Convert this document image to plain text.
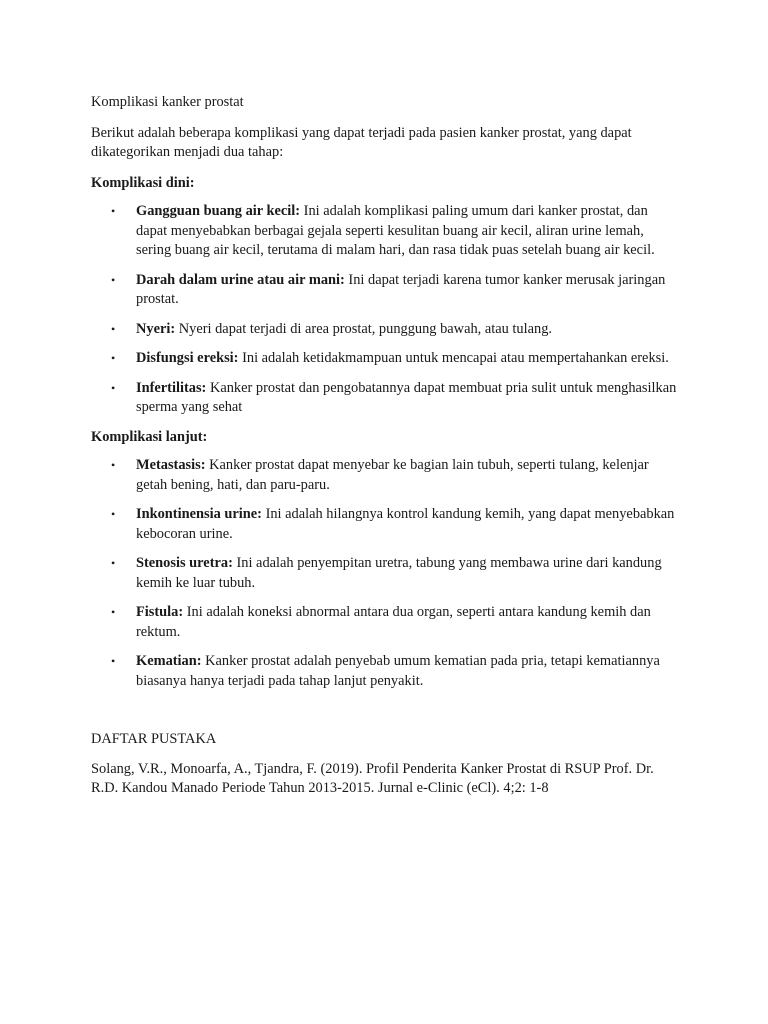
Komplikasi kanker prostat

Berikut adalah beberapa komplikasi yang dapat terjadi pada pasien kanker prostat, yang dapat dikategorikan menjadi dua tahap:

Komplikasi dini:

• Gangguan buang air kecil: Ini adalah komplikasi paling umum dari kanker prostat, dan dapat menyebabkan berbagai gejala seperti kesulitan buang air kecil, aliran urine lemah, sering buang air kecil, terutama di malam hari, dan rasa tidak puas setelah buang air kecil.
• Darah dalam urine atau air mani: Ini dapat terjadi karena tumor kanker merusak jaringan prostat.
• Nyeri: Nyeri dapat terjadi di area prostat, punggung bawah, atau tulang.
• Disfungsi ereksi: Ini adalah ketidakmampuan untuk mencapai atau mempertahankan ereksi.
• Infertilitas: Kanker prostat dan pengobatannya dapat membuat pria sulit untuk menghasilkan sperma yang sehat

Komplikasi lanjut:

• Metastasis: Kanker prostat dapat menyebar ke bagian lain tubuh, seperti tulang, kelenjar getah bening, hati, dan paru-paru.
• Inkontinensia urine: Ini adalah hilangnya kontrol kandung kemih, yang dapat menyebabkan kebocoran urine.
• Stenosis uretra: Ini adalah penyempitan uretra, tabung yang membawa urine dari kandung kemih ke luar tubuh.
• Fistula: Ini adalah koneksi abnormal antara dua organ, seperti antara kandung kemih dan rektum.
• Kematian: Kanker prostat adalah penyebab umum kematian pada pria, tetapi kematiannya biasanya hanya terjadi pada tahap lanjut penyakit.

DAFTAR PUSTAKA

Solang, V.R., Monoarfa, A., Tjandra, F. (2019). Profil Penderita Kanker Prostat di RSUP Prof. Dr. R.D. Kandou Manado Periode Tahun 2013-2015. Jurnal e-Clinic (eCl). 4;2: 1-8
